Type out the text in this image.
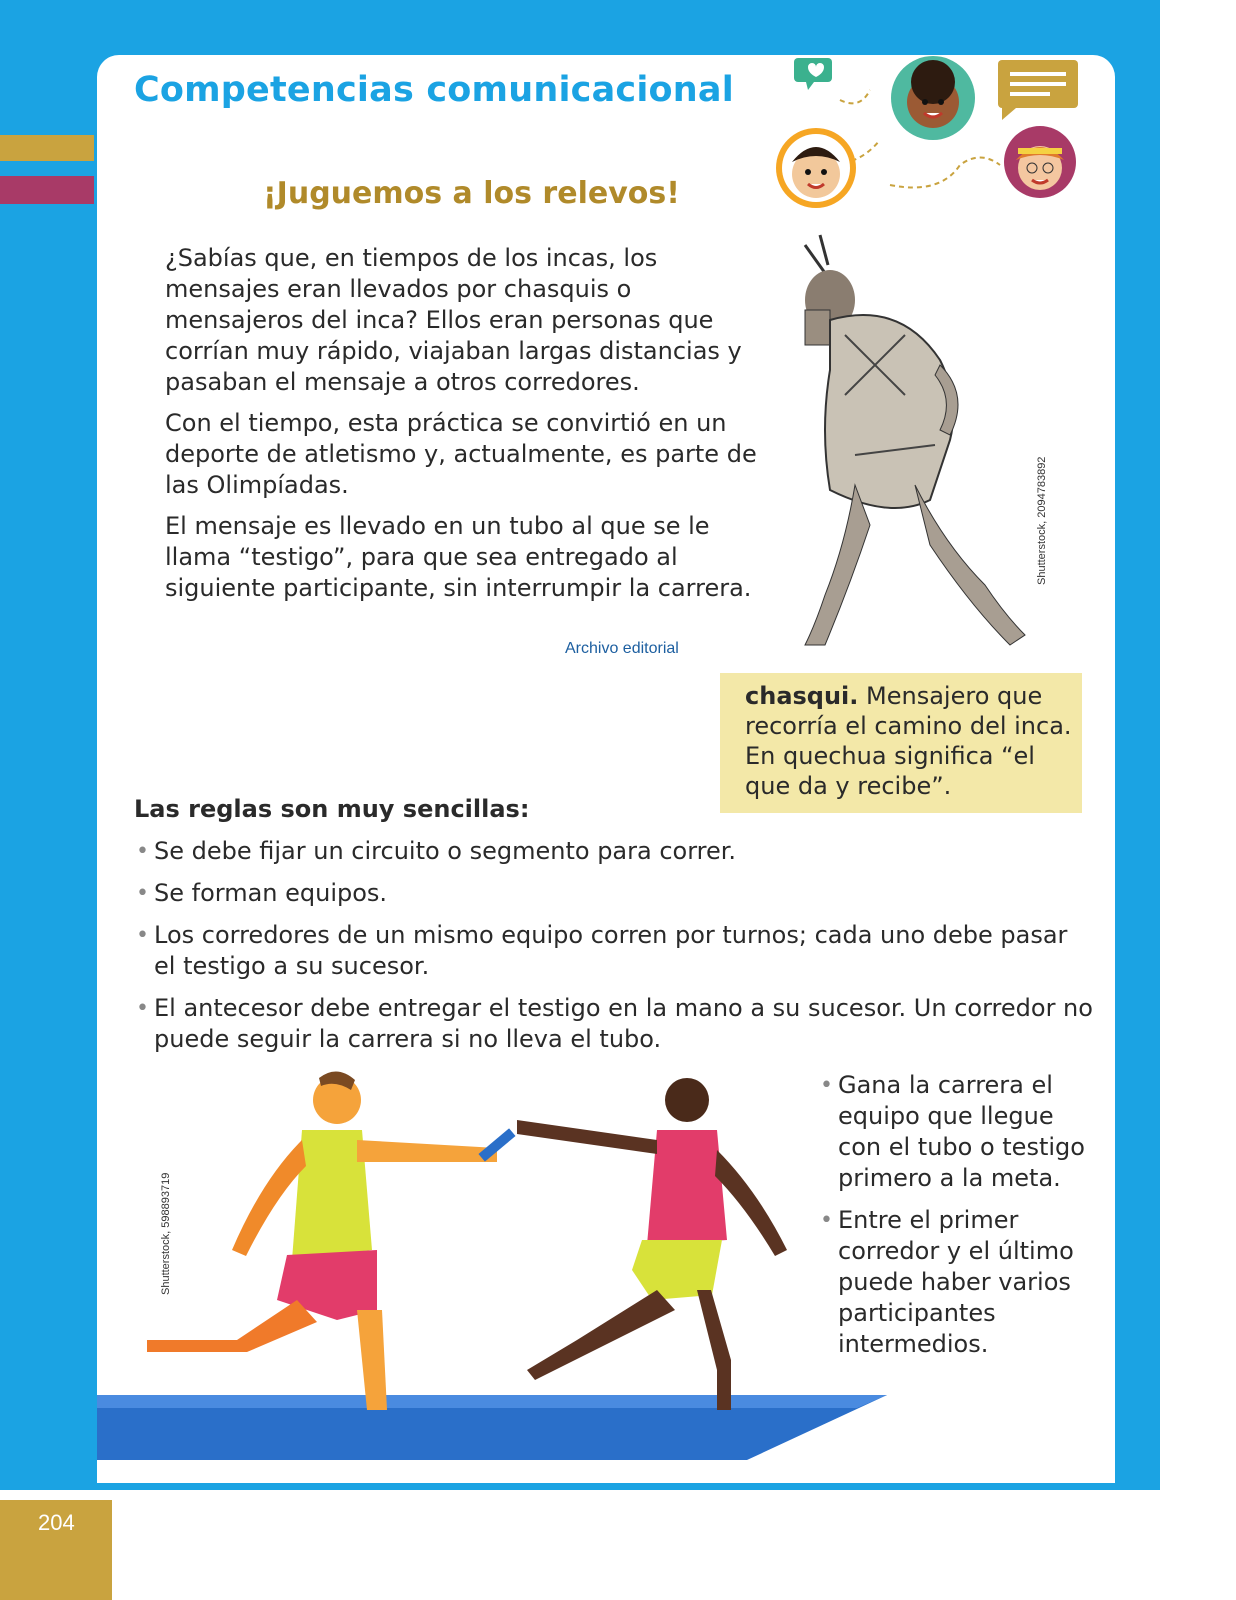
Competencias comunicacional
¡Juguemos a los relevos!

¿Sabías que, en tiempos de los incas, los mensajes eran llevados por chasquis o mensajeros del inca? Ellos eran personas que corrían muy rápido, viajaban largas distancias y pasaban el mensaje a otros corredores.

Con el tiempo, esta práctica se convirtió en un deporte de atletismo y, actualmente, es parte de las Olimpíadas.

El mensaje es llevado en un tubo al que se le llama “testigo”, para que sea entregado al siguiente participante, sin interrumpir la carrera.

Archivo editorial
Shutterstock, 2094783892
chasqui. Mensajero que recorría el camino del inca. En quechua significa “el que da y recibe”.
Las reglas son muy sencillas:
• Se debe fijar un circuito o segmento para correr.
• Se forman equipos.
• Los corredores de un mismo equipo corren por turnos; cada uno debe pasar el testigo a su sucesor.
• El antecesor debe entregar el testigo en la mano a su sucesor. Un corredor no puede seguir la carrera si no lleva el tubo.
Shutterstock, 598893719
• Gana la carrera el equipo que llegue con el tubo o testigo primero a la meta.
• Entre el primer corredor y el último puede haber varios participantes intermedios.
204
